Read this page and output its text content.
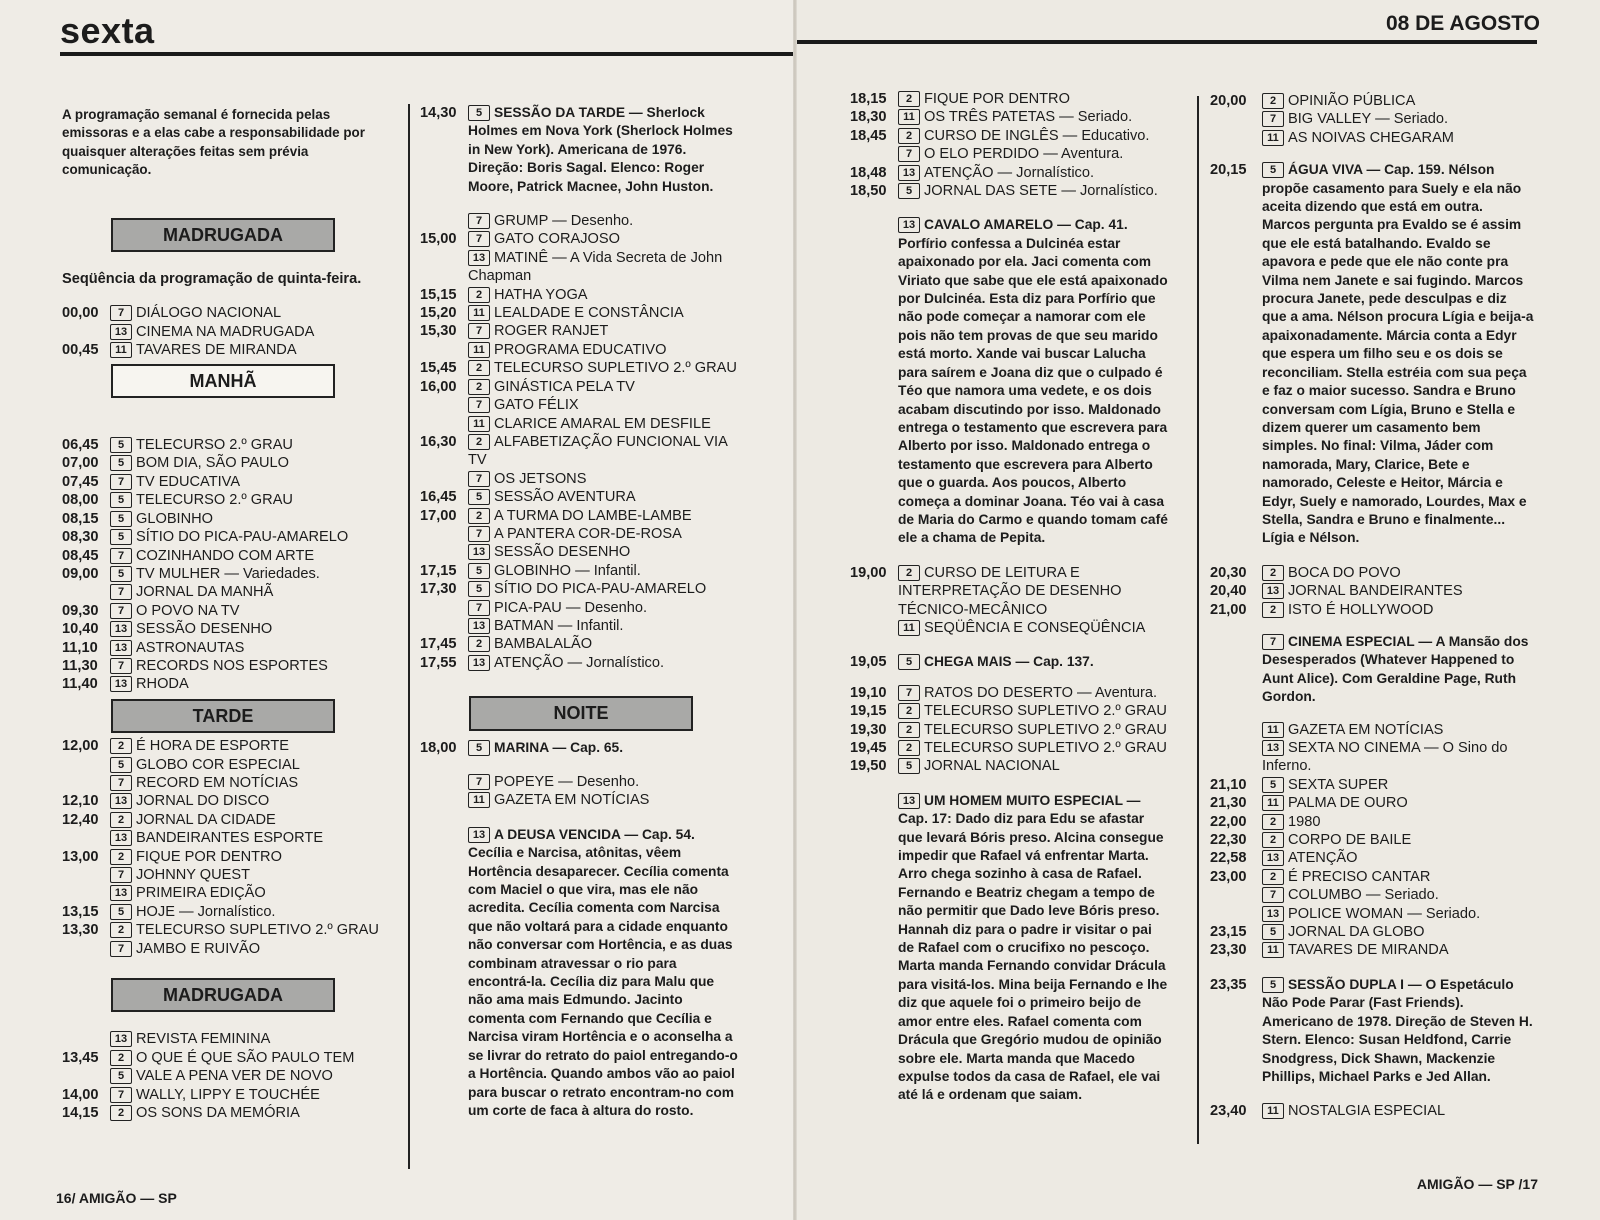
sexta	08 DE AGOSTO
A programação semanal é fornecida pelas emissoras e a elas cabe a responsabilidade por quaisquer alterações feitas sem prévia comunicação.
MADRUGADA
Seqüência da programação de quinta-feira.
00,00	7 DIÁLOGO NACIONAL
13 CINEMA NA MADRUGADA
00,45	11 TAVARES DE MIRANDA
MANHÃ
06,45	5 TELECURSO 2.º GRAU
07,00	5 BOM DIA, SÃO PAULO
07,45	7 TV EDUCATIVA
08,00	5 TELECURSO 2.º GRAU
08,15	5 GLOBINHO
08,30	5 SÍTIO DO PICA-PAU-AMARELO
08,45	7 COZINHANDO COM ARTE
09,00	5 TV MULHER — Variedades.
7 JORNAL DA MANHÃ
09,30	7 O POVO NA TV
10,40	13 SESSÃO DESENHO
11,10	13 ASTRONAUTAS
11,30	7 RECORDS NOS ESPORTES
11,40	13 RHODA
TARDE
12,00	2 É HORA DE ESPORTE
5 GLOBO COR ESPECIAL
7 RECORD EM NOTÍCIAS
12,10	13 JORNAL DO DISCO
12,40	2 JORNAL DA CIDADE
13 BANDEIRANTES ESPORTE
13,00	2 FIQUE POR DENTRO
7 JOHNNY QUEST
13 PRIMEIRA EDIÇÃO
13,15	5 HOJE — Jornalístico.
13,30	2 TELECURSO SUPLETIVO 2.º GRAU
7 JAMBO E RUIVÃO
MADRUGADA
13 REVISTA FEMININA
13,45	2 O QUE É QUE SÃO PAULO TEM
5 VALE A PENA VER DE NOVO
14,00	7 WALLY, LIPPY E TOUCHÉE
14,15	2 OS SONS DA MEMÓRIA
14,30	5 SESSÃO DA TARDE — Sherlock Holmes em Nova York (Sherlock Holmes in New York). Americana de 1976. Direção: Boris Sagal. Elenco: Roger Moore, Patrick Macnee, John Huston.
7 GRUMP — Desenho.
15,00	7 GATO CORAJOSO
13 MATINÊ — A Vida Secreta de John Chapman
15,15	2 HATHA YOGA
15,20	11 LEALDADE E CONSTÂNCIA
15,30	7 ROGER RANJET
11 PROGRAMA EDUCATIVO
15,45	2 TELECURSO SUPLETIVO 2.º GRAU
16,00	2 GINÁSTICA PELA TV
7 GATO FÉLIX
11 CLARICE AMARAL EM DESFILE
16,30	2 ALFABETIZAÇÃO FUNCIONAL VIA TV
7 OS JETSONS
16,45	5 SESSÃO AVENTURA
17,00	2 A TURMA DO LAMBE-LAMBE
7 A PANTERA COR-DE-ROSA
13 SESSÃO DESENHO
17,15	5 GLOBINHO — Infantil.
17,30	5 SÍTIO DO PICA-PAU-AMARELO
7 PICA-PAU — Desenho.
13 BATMAN — Infantil.
17,45	2 BAMBALALÃO
17,55	13 ATENÇÃO — Jornalístico.
NOITE
18,00	5 MARINA — Cap. 65.
7 POPEYE — Desenho.
11 GAZETA EM NOTÍCIAS
13 A DEUSA VENCIDA — Cap. 54. Cecília e Narcisa, atônitas, vêem Hortência desaparecer. Cecília comenta com Maciel o que vira, mas ele não acredita. Cecília comenta com Narcisa que não voltará para a cidade enquanto não conversar com Hortência, e as duas combinam atravessar o rio para encontrá-la. Cecília diz para Malu que não ama mais Edmundo. Jacinto comenta com Fernando que Cecília e Narcisa viram Hortência e o aconselha a se livrar do retrato do paiol entregando-o a Hortência. Quando ambos vão ao paiol para buscar o retrato encontram-no com um corte de faca à altura do rosto.
18,15	2 FIQUE POR DENTRO
18,30	11 OS TRÊS PATETAS — Seriado.
18,45	2 CURSO DE INGLÊS — Educativo.
7 O ELO PERDIDO — Aventura.
18,48	13 ATENÇÃO — Jornalístico.
18,50	5 JORNAL DAS SETE — Jornalístico.
13 CAVALO AMARELO — Cap. 41. Porfírio confessa a Dulcinéa estar apaixonado por ela. Jaci comenta com Viriato que sabe que ele está apaixonado por Dulcinéa. Esta diz para Porfírio que não pode começar a namorar com ele pois não tem provas de que seu marido está morto. Xande vai buscar Lalucha para saírem e Joana diz que o culpado é Téo que namora uma vedete, e os dois acabam discutindo por isso. Maldonado entrega o testamento que escrevera para Alberto por isso. Maldonado entrega o testamento que escrevera para Alberto que o guarda. Aos poucos, Alberto começa a dominar Joana. Téo vai à casa de Maria do Carmo e quando tomam café ele a chama de Pepita.
19,00	2 CURSO DE LEITURA E INTERPRETAÇÃO DE DESENHO TÉCNICO-MECÂNICO
11 SEQÜÊNCIA E CONSEQÜÊNCIA
19,05	5 CHEGA MAIS — Cap. 137.
19,10	7 RATOS DO DESERTO — Aventura.
19,15	2 TELECURSO SUPLETIVO 2.º GRAU
19,30	2 TELECURSO SUPLETIVO 2.º GRAU
19,45	2 TELECURSO SUPLETIVO 2.º GRAU
19,50	5 JORNAL NACIONAL
13 UM HOMEM MUITO ESPECIAL — Cap. 17: Dado diz para Edu se afastar que levará Bóris preso. Alcina consegue impedir que Rafael vá enfrentar Marta. Arro chega sozinho à casa de Rafael. Fernando e Beatriz chegam a tempo de não permitir que Dado leve Bóris preso. Hannah diz para o padre ir visitar o pai de Rafael com o crucifixo no pescoço. Marta manda Fernando convidar Drácula para visitá-los. Mina beija Fernando e lhe diz que aquele foi o primeiro beijo de amor entre eles. Rafael comenta com Drácula que Gregório mudou de opinião sobre ele. Marta manda que Macedo expulse todos da casa de Rafael, ele vai até lá e ordenam que saiam.
20,00	2 OPINIÃO PÚBLICA
7 BIG VALLEY — Seriado.
11 AS NOIVAS CHEGARAM
20,15	5 ÁGUA VIVA — Cap. 159. Nélson propõe casamento para Suely e ela não aceita dizendo que está em outra. Marcos pergunta pra Evaldo se é assim que ele está batalhando. Evaldo se apavora e pede que ele não conte pra Vilma nem Janete e sai fugindo. Marcos procura Janete, pede desculpas e diz que a ama. Nélson procura Lígia e beija-a apaixonadamente. Márcia conta a Edyr que espera um filho seu e os dois se reconciliam. Stella estréia com sua peça e faz o maior sucesso. Sandra e Bruno conversam com Lígia, Bruno e Stella e dizem querer um casamento bem simples. No final: Vilma, Jáder com namorada, Mary, Clarice, Bete e namorado, Celeste e Heitor, Márcia e Edyr, Suely e namorado, Lourdes, Max e Stella, Sandra e Bruno e finalmente... Lígia e Nélson.
20,30	2 BOCA DO POVO
20,40	13 JORNAL BANDEIRANTES
21,00	2 ISTO É HOLLYWOOD
7 CINEMA ESPECIAL — A Mansão dos Desesperados (Whatever Happened to Aunt Alice). Com Geraldine Page, Ruth Gordon.
11 GAZETA EM NOTÍCIAS
13 SEXTA NO CINEMA — O Sino do Inferno.
21,10	5 SEXTA SUPER
21,30	11 PALMA DE OURO
22,00	2 1980
22,30	2 CORPO DE BAILE
22,58	13 ATENÇÃO
23,00	2 É PRECISO CANTAR
7 COLUMBO — Seriado.
13 POLICE WOMAN — Seriado.
23,15	5 JORNAL DA GLOBO
23,30	11 TAVARES DE MIRANDA
23,35	5 SESSÃO DUPLA I — O Espetáculo Não Pode Parar (Fast Friends). Americano de 1978. Direção de Steven H. Stern. Elenco: Susan Heldfond, Carrie Snodgress, Dick Shawn, Mackenzie Phillips, Michael Parks e Jed Allan.
23,40	11 NOSTALGIA ESPECIAL
16/ AMIGÃO — SP
AMIGÃO — SP /17
